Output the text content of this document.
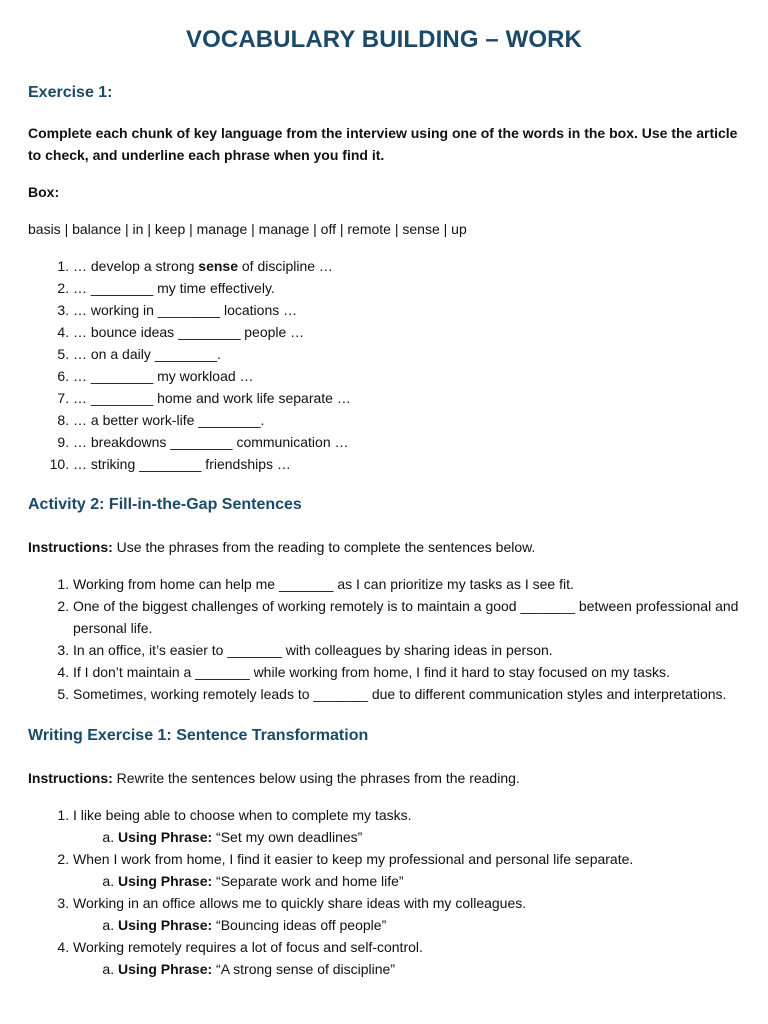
VOCABULARY BUILDING – WORK
Exercise 1:

Complete each chunk of key language from the interview using one of the words in the box. Use the article to check, and underline each phrase when you find it.

Box:

basis | balance | in | keep | manage | manage | off | remote | sense | up

1. … develop a strong sense of discipline …
2. … ________ my time effectively.
3. … working in ________ locations …
4. … bounce ideas ________ people …
5. … on a daily ________.
6. … ________ my workload …
7. … ________ home and work life separate …
8. … a better work-life ________.
9. … breakdowns ________ communication …
10. … striking ________ friendships …
Activity 2: Fill-in-the-Gap Sentences

Instructions: Use the phrases from the reading to complete the sentences below.

1. Working from home can help me _______ as I can prioritize my tasks as I see fit.
2. One of the biggest challenges of working remotely is to maintain a good _______ between professional and personal life.
3. In an office, it’s easier to _______ with colleagues by sharing ideas in person.
4. If I don’t maintain a _______ while working from home, I find it hard to stay focused on my tasks.
5. Sometimes, working remotely leads to _______ due to different communication styles and interpretations.
Writing Exercise 1: Sentence Transformation

Instructions: Rewrite the sentences below using the phrases from the reading.

1. I like being able to choose when to complete my tasks.
a. Using Phrase: “Set my own deadlines”
2. When I work from home, I find it easier to keep my professional and personal life separate.
a. Using Phrase: “Separate work and home life”
3. Working in an office allows me to quickly share ideas with my colleagues.
a. Using Phrase: “Bouncing ideas off people”
4. Working remotely requires a lot of focus and self-control.
a. Using Phrase: “A strong sense of discipline”
